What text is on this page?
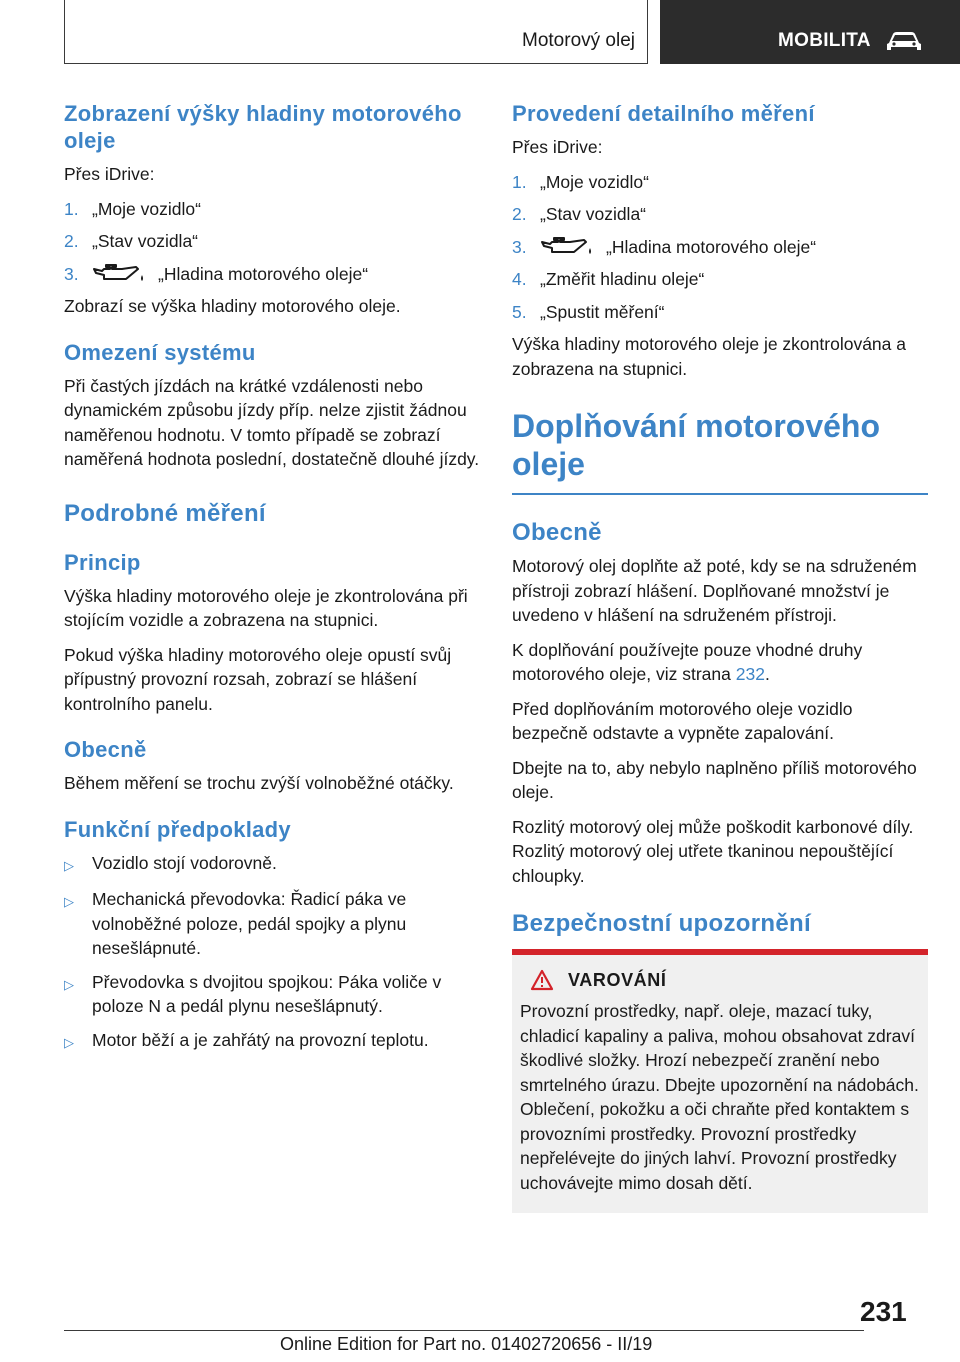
Motorový olej	MOBILITA
Zobrazení výšky hladiny motorového oleje

Přes iDrive:

1. „Moje vozidlo“
2. „Stav vozidla“
3.	„Hladina motorového oleje“

Zobrazí se výška hladiny motorového oleje.

Omezení systému

Při častých jízdách na krátké vzdálenosti nebo dynamickém způsobu jízdy příp. nelze zjistit žádnou naměřenou hodnotu. V tomto případě se zobrazí naměřená hodnota poslední, dostatečně dlouhé jízdy.

Podrobné měření
Princip

Výška hladiny motorového oleje je zkontrolována při stojícím vozidle a zobrazena na stupnici.

Pokud výška hladiny motorového oleje opustí svůj přípustný provozní rozsah, zobrazí se hlášení kontrolního panelu.

Obecně

Během měření se trochu zvýší volnoběžné otáčky.

Funkční předpoklady
▷	Vozidlo stojí vodorovně.
▷	Mechanická převodovka: Řadicí páka ve volnoběžné poloze, pedál spojky a plynu nesešlápnuté.
▷	Převodovka s dvojitou spojkou: Páka voliče v poloze N a pedál plynu nesešlápnutý.
▷	Motor běží a je zahřátý na provozní teplotu.
Provedení detailního měření

Přes iDrive:

1. „Moje vozidlo“
2. „Stav vozidla“
3.	„Hladina motorového oleje“
4. „Změřit hladinu oleje“
5. „Spustit měření“

Výška hladiny motorového oleje je zkontrolována a zobrazena na stupnici.

Doplňování motorového oleje
Obecně

Motorový olej doplňte až poté, kdy se na sdruženém přístroji zobrazí hlášení. Doplňované množství je uvedeno v hlášení na sdruženém přístroji.

K doplňování používejte pouze vhodné druhy motorového oleje, viz strana 232.

Před doplňováním motorového oleje vozidlo bezpečně odstavte a vypněte zapalování.

Dbejte na to, aby nebylo naplněno příliš motorového oleje.

Rozlitý motorový olej může poškodit karbonové díly. Rozlitý motorový olej utřete tkaninou nepouštějící chloupky.

Bezpečnostní upozornění
VAROVÁNÍ

Provozní prostředky, např. oleje, mazací tuky, chladicí kapaliny a paliva, mohou obsahovat zdraví škodlivé složky. Hrozí nebezpečí zranění nebo smrtelného úrazu. Dbejte upozornění na nádobách. Oblečení, pokožku a oči chraňte před kontaktem s provozními prostředky. Provozní prostředky nepřelévejte do jiných lahví. Provozní prostředky uchovávejte mimo dosah dětí.

231
Online Edition for Part no. 01402720656 - II/19
